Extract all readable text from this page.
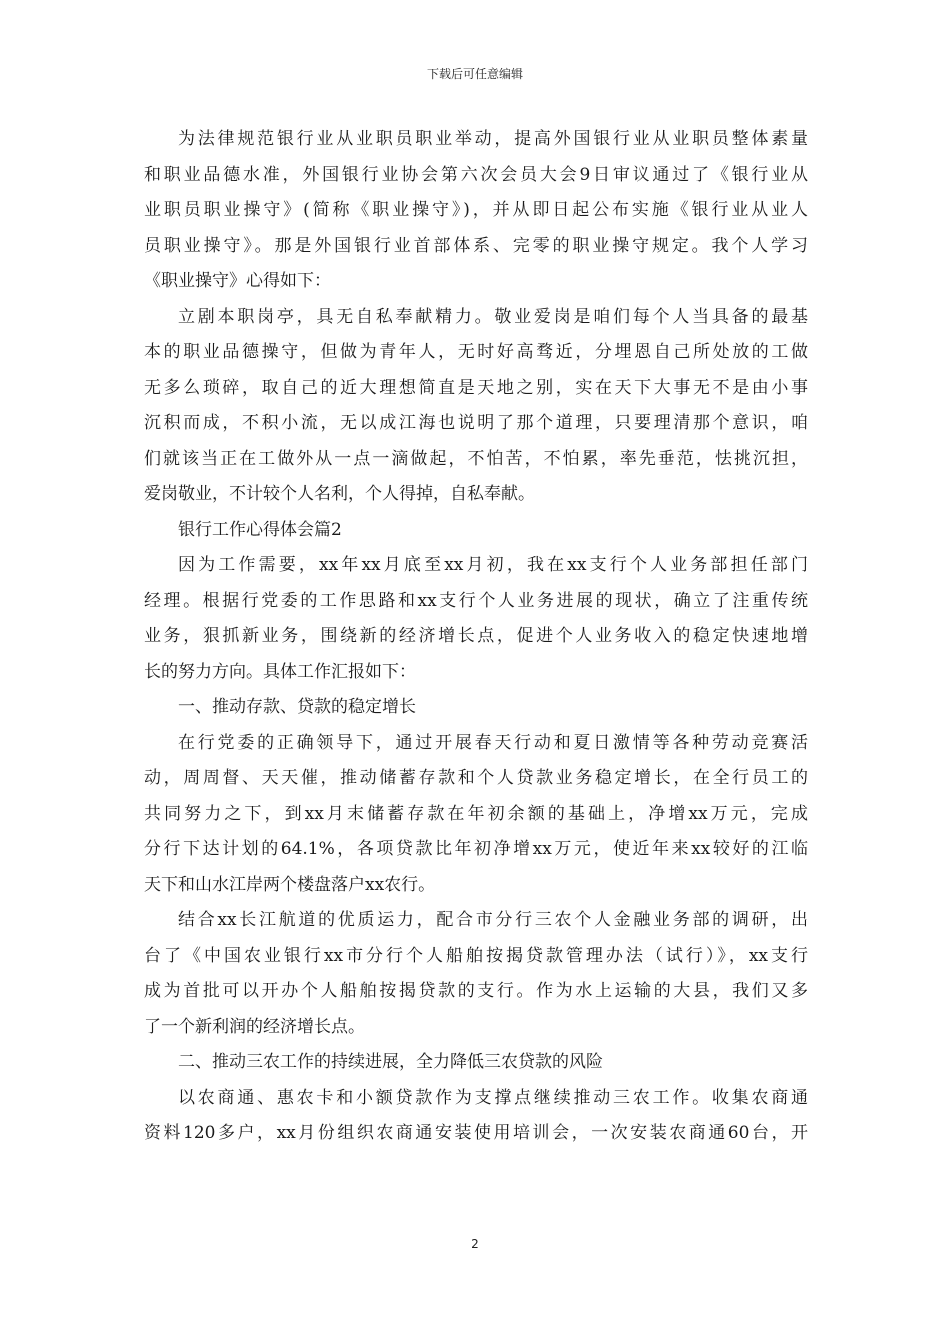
下载后可任意编辑
为法律规范银行业从业职员职业举动，提高外国银行业从业职员整体素量
和职业品德水准，外国银行业协会第六次会员大会9日审议通过了《银行业从
业职员职业操守》(简称《职业操守》)，并从即日起公布实施《银行业从业人
员职业操守》。那是外国银行业首部体系、完零的职业操守规定。我个人学习
《职业操守》心得如下：
立剧本职岗亭，具无自私奉献精力。敬业爱岗是咱们每个人当具备的最基
本的职业品德操守，但做为青年人，无时好高骛近，分埋恩自己所处放的工做
无多么琐碎，取自己的近大理想简直是天地之别，实在天下大事无不是由小事
沉积而成，不积小流，无以成江海也说明了那个道理，只要理清那个意识，咱
们就该当正在工做外从一点一滴做起，不怕苦，不怕累，率先垂范，怯挑沉担，
爱岗敬业，不计较个人名利，个人得掉，自私奉献。
银行工作心得体会篇2
因为工作需要，xx年xx月底至xx月初，我在xx支行个人业务部担任部门
经理。根据行党委的工作思路和xx支行个人业务进展的现状，确立了注重传统
业务，狠抓新业务，围绕新的经济增长点，促进个人业务收入的稳定快速地增
长的努力方向。具体工作汇报如下：
一、推动存款、贷款的稳定增长
在行党委的正确领导下，通过开展春天行动和夏日激情等各种劳动竞赛活
动，周周督、天天催，推动储蓄存款和个人贷款业务稳定增长，在全行员工的
共同努力之下，到xx月末储蓄存款在年初余额的基础上，净增xx万元，完成
分行下达计划的64.1%，各项贷款比年初净增xx万元，使近年来xx较好的江临
天下和山水江岸两个楼盘落户xx农行。
结合xx长江航道的优质运力，配合市分行三农个人金融业务部的调研，出
台了《中国农业银行xx市分行个人船舶按揭贷款管理办法（试行）》，xx支行
成为首批可以开办个人船舶按揭贷款的支行。作为水上运输的大县，我们又多
了一个新利润的经济增长点。
二、推动三农工作的持续进展，全力降低三农贷款的风险
以农商通、惠农卡和小额贷款作为支撑点继续推动三农工作。收集农商通
资料120多户，xx月份组织农商通安装使用培训会，一次安装农商通60台，开
2
